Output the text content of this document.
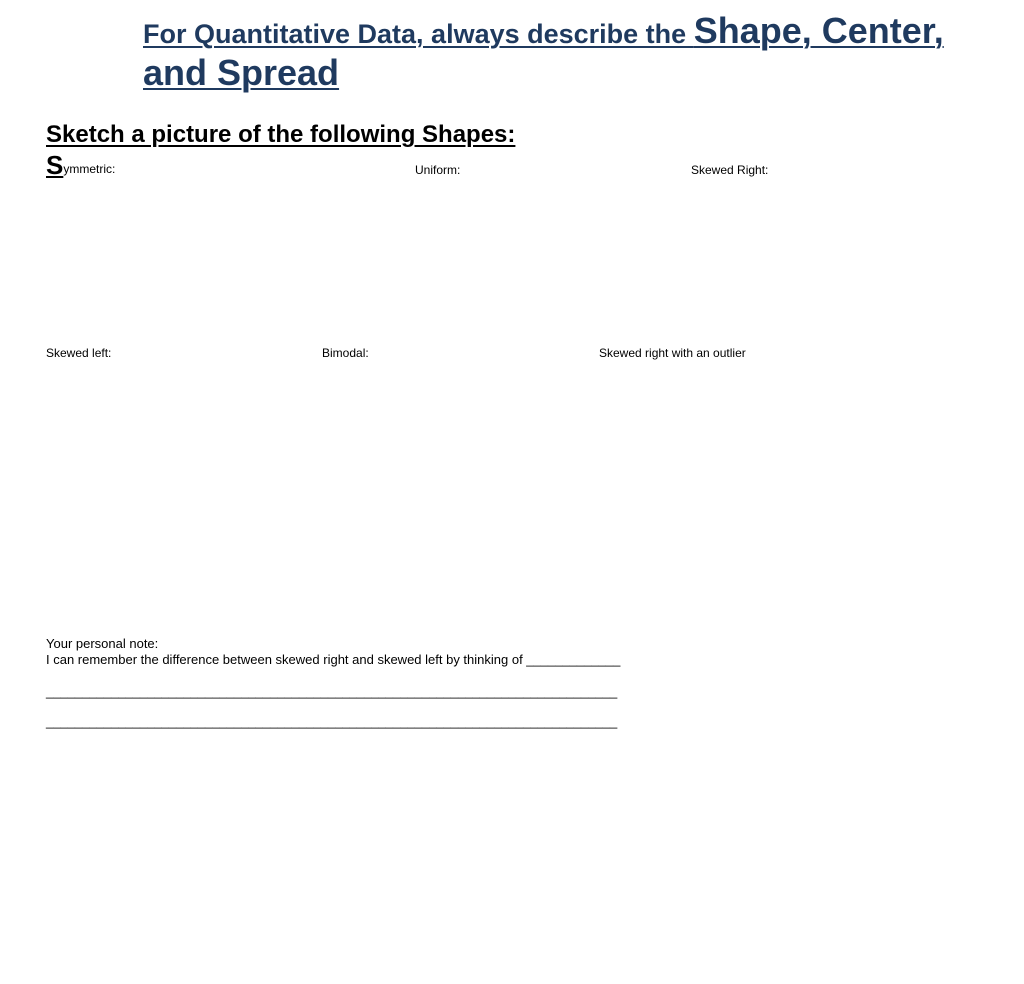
For Quantitative Data, always describe the Shape, Center,
and Spread
Sketch a picture of the following Shapes:
Symmetric:	Uniform:	Skewed Right:
Skewed left:	Bimodal:	Skewed right with an outlier
Your personal note:
I can remember the difference between skewed right and skewed left by thinking of _____________
_______________________________________________________________________________
_______________________________________________________________________________
